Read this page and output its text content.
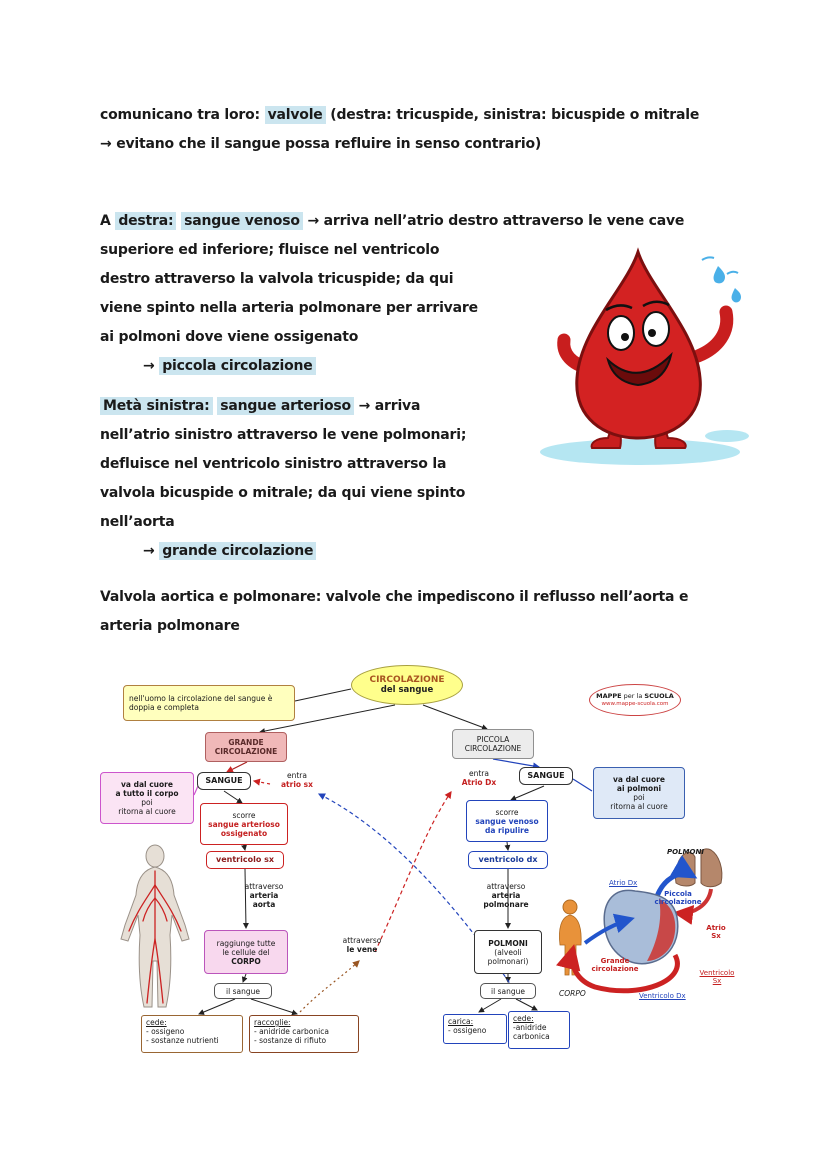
comunicano tra loro: valvole (destra: tricuspide, sinistra: bicuspide o mitrale
→ evitano che il sangue possa refluire in senso contrario)
A destra: sangue venoso → arriva nell’atrio destro attraverso le vene cave
superiore ed inferiore; fluisce nel ventricolo
destro attraverso la valvola tricuspide; da qui
viene spinto nella arteria polmonare per arrivare
ai polmoni dove viene ossigenato
→ piccola circolazione
Metà sinistra: sangue arterioso → arriva
nell’atrio sinistro attraverso le vene polmonari;
defluisce nel ventricolo sinistro attraverso la
valvola bicuspide o mitrale; da qui viene spinto
nell’aorta
→ grande circolazione
Valvola aortica e polmonare: valvole che impediscono il reflusso nell’aorta e
arteria polmonare
CIRCOLAZIONE
del sangue
nell'uomo la circolazione del sangue è doppia e completa
MAPPE per la SCUOLA
www.mappe-scuola.com
GRANDE
CIRCOLAZIONE
PICCOLA
CIRCOLAZIONE
SANGUE
SANGUE
entra
atrio sx
entra
Atrio Dx
va dal cuore
a tutto il corpo
poi
ritorna al cuore
va dal cuore
ai polmoni
poi
ritorna al cuore
scorre
sangue arterioso
ossigenato
scorre
sangue venoso
da ripulire
ventricolo sx	ventricolo dx
attraverso
arteria
aorta
attraverso
arteria
polmonare
attraverso
le vene
raggiunge tutte
le cellule del
CORPO
POLMONI
(alveoli
polmonari)
il sangue	il sangue
cede:
- ossigeno
- sostanze nutrienti
raccoglie:
- anidride carbonica
- sostanze di rifiuto
carica:
- ossigeno
cede:
-anidride
carbonica
POLMONI
Atrio Dx
Piccola circolazione
Atrio Sx
Grande circolazione	Ventricolo Sx
CORPO	Ventricolo Dx
